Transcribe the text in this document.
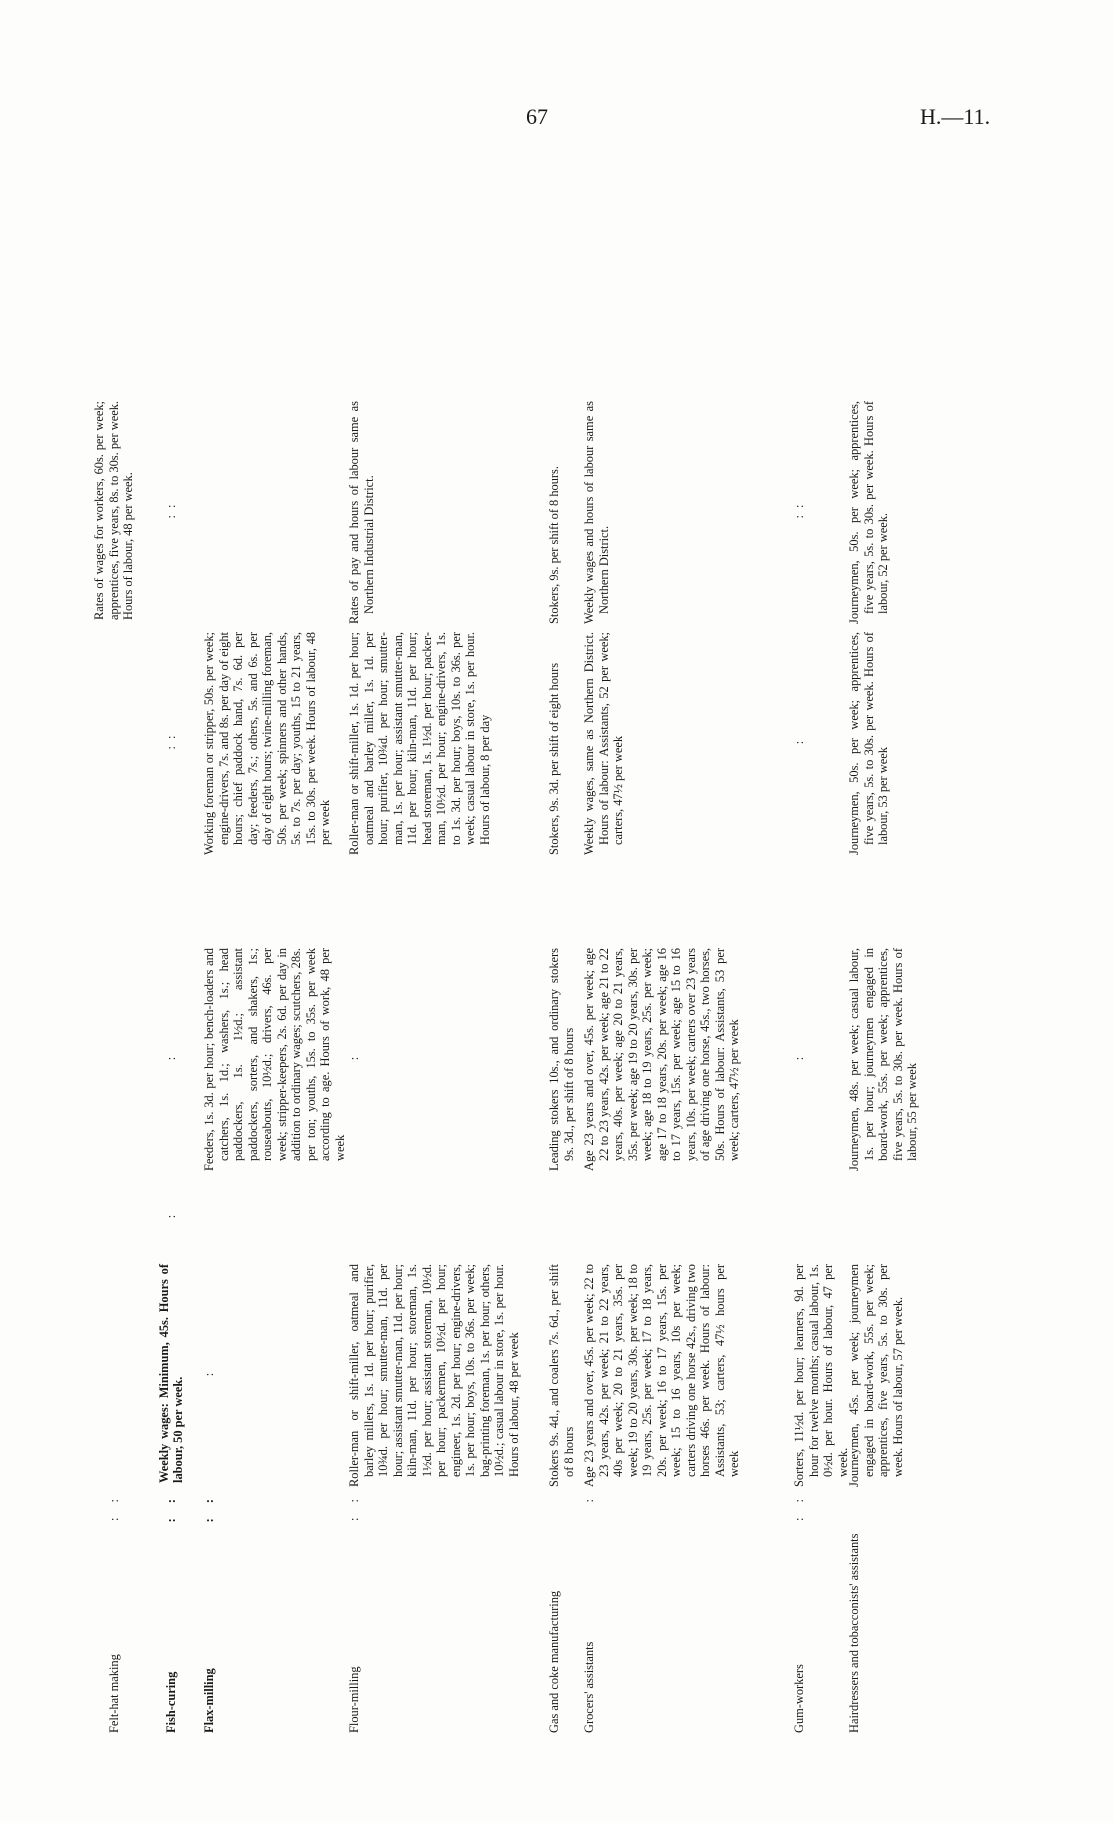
67	H.—11.
Felt-hat making
: :
Rates of wages for workers, 60s. per week; apprentices, five years, 8s. to 30s. per week. Hours of labour, 48 per week.
Fish-curing
: :
Weekly wages: Minimum, 45s. Hours of labour, 50 per week.
:
:
: :
: :
Flax-milling
: :
:
Feeders, 1s. 3d. per hour; bench-loaders and catchers, 1s. 1d.; washers, 1s.; head paddockers, 1s. 1½d.; assistant paddockers, sorters, and shakers, 1s.; rouseabouts, 10½d.; drivers, 46s. per week; stripper-keepers, 2s. 6d. per day in addition to ordinary wages; scutchers, 28s. per ton; youths, 15s. to 35s. per week according to age. Hours of work, 48 per week
Working foreman or stripper, 50s. per week; engine-drivers, 7s. and 8s. per day of eight hours; chief paddock hand, 7s. 6d. per day; feeders, 7s.; others, 5s. and 6s. per day of eight hours; twine-milling foreman, 50s. per week; spinners and other hands, 5s. to 7s. per day; youths, 15 to 21 years, 15s. to 30s. per week. Hours of labour, 48 per week
Flour-milling
: :
Roller-man or shift-miller, oatmeal and barley millers, 1s. 1d. per hour; purifier, 10¾d. per hour; smutter-man, 11d. per hour; assistant smutter-man, 11d. per hour; kiln-man, 11d. per hour; storeman, 1s. 1½d. per hour; assistant storeman, 10½d. per hour; packermen, 10½d. per hour; engineer, 1s. 2d. per hour; engine-drivers, 1s. per hour; boys, 10s. to 36s. per week; bag-printing foreman, 1s. per hour; others, 10½d.; casual labour in store, 1s. per hour. Hours of labour, 48 per week
:
Roller-man or shift-miller, 1s. 1d. per hour; oatmeal and barley miller, 1s. 1d. per hour; purifier, 10¾d. per hour; smutter-man, 1s. per hour; assistant smutter-man, 11d. per hour; kiln-man, 11d. per hour; head storeman, 1s. 1½d. per hour; packer-man, 10½d. per hour; engine-drivers, 1s. to 1s. 3d. per hour; boys, 10s. to 36s. per week; casual labour in store, 1s. per hour. Hours of labour, 8 per day
Rates of pay and hours of labour same as Northern Industrial District.
Gas and coke manufacturing
Stokers 9s. 4d., and coalers 7s. 6d., per shift of 8 hours
Leading stokers 10s., and ordinary stokers 9s. 3d., per shift of 8 hours
Stokers, 9s. 3d. per shift of eight hours
Stokers, 9s. per shift of 8 hours.
Grocers' assistants
:
Age 23 years and over, 45s. per week; 22 to 23 years, 42s. per week; 21 to 22 years, 40s per week; 20 to 21 years, 35s. per week; 19 to 20 years, 30s. per week; 18 to 19 years, 25s. per week; 17 to 18 years, 20s. per week; 16 to 17 years, 15s. per week; 15 to 16 years, 10s per week; carters driving one horse 42s., driving two horses 46s. per week. Hours of labour: Assistants, 53; carters, 47½ hours per week
Age 23 years and over, 45s. per week; age 22 to 23 years, 42s. per week; age 21 to 22 years, 40s. per week; age 20 to 21 years, 35s. per week; age 19 to 20 years, 30s. per week; age 18 to 19 years, 25s. per week; age 17 to 18 years, 20s. per week; age 16 to 17 years, 15s. per week; age 15 to 16 years, 10s. per week; carters over 23 years of age driving one horse, 45s., two horses, 50s. Hours of labour: Assistants, 53 per week; carters, 47½ per week
Weekly wages, same as Northern District. Hours of labour: Assistants, 52 per week; carters, 47½ per week
Weekly wages and hours of labour same as Northern District.
Gum-workers
: :
Sorters, 11½d. per hour; learners, 9d. per hour for twelve months; casual labour, 1s. 0½d. per hour. Hours of labour, 47 per week.
:
:
: :
Hairdressers and tobacconists' assistants
Journeymen, 45s. per week; journeymen engaged in board-work, 55s. per week; apprentices, five years, 5s. to 30s. per week. Hours of labour, 57 per week.
Journeymen, 48s. per week; casual labour, 1s. per hour; journeymen engaged in board-work, 55s. per week; apprentices, five years, 5s. to 30s. per week. Hours of labour, 55 per week
Journeymen, 50s. per week; apprentices, five years, 5s. to 30s. per week. Hours of labour, 53 per week
Journeymen, 50s. per week; apprentices, five years, 5s. to 30s. per week. Hours of labour, 52 per week.
